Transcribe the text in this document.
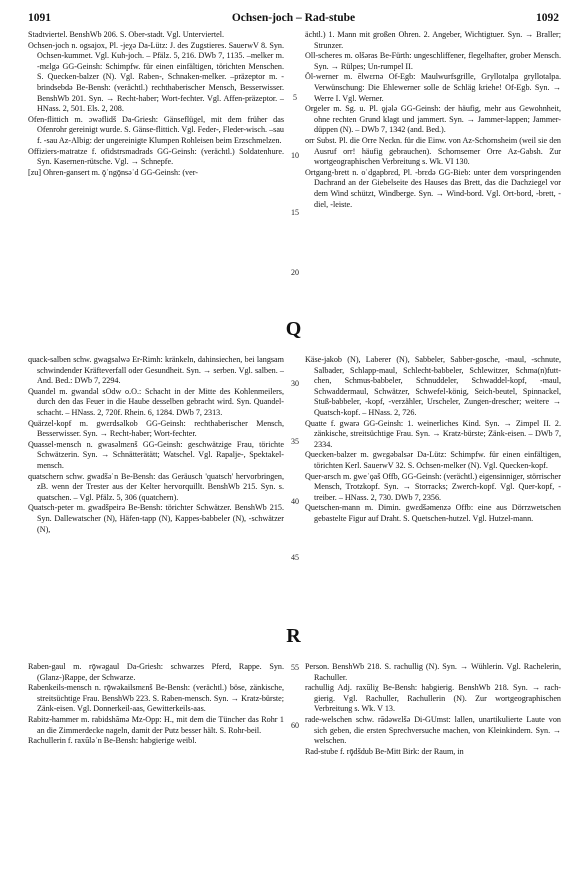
1091	Ochsen-joch – Rad-stube	1092

Stadtviertel. BenshWb 206. S. Ober-stadt. Vgl. Unterviertel.

Ochsen-joch n. ogsajox, Pl. -jeχǝ Da-Lütz: J. des Zugstieres. SauerwV 8. Syn. Ochsen-kummet. Vgl. Kuh-joch. – Pfälz. 5, 216. DWb 7, 1135. –melker m. -mɛlgǝ GG-Geinsh: Schimpfw. für einen einfältigen, törichten Menschen. S. Quecken-balzer (N). Vgl. Raben-, Schnaken-melker. –präzeptor m. -brindsebdǝ Be-Bensh: (verächtl.) rechthaberischer Mensch, Besserwisser. BenshWb 201. Syn. → Recht-haber; Wort-fechter. Vgl. Affen-präzeptor. – HNass. 2, 501. Els. 2, 208.

Ofen-flittich m. ɔwǝflidš Da-Griesh: Gänseflügel, mit dem früher das Ofenrohr gereinigt wurde. S. Gänse-flittich. Vgl. Feder-, Fleder-wisch. –sau f. -sau Az-Albig: der ungereinigte Klumpen Rohleisen beim Erzschmelzen.

Offiziers-matratze f. ofidstrsmadrads GG-Geinsh: (verächtl.) Soldatenhure. Syn. Kasernen-rütsche. Vgl. → Schnepfe.

[zu] Ohren-gansert m. ǭˈngǭnsǝˈd GG-Geinsh: (ver-

ächtl.) 1. Mann mit großen Ohren. 2. Angeber, Wichtigtuer. Syn. → Braller; Strunzer.

Oll-scheres m. olšǝras Be-Fürth: ungeschliffener, flegelhafter, grober Mensch. Syn. → Rülpes; Un-rumpel II.

Öl-werner m. ēlwɛrnǝ Of-Egb: Maulwurfsgrille, Gryllotalpa gryllotalpa. Verwünschung: Die Ehlewerner solle de Schläg kriehe! Of-Egb. Syn. → Werre I. Vgl. Werner.

Orgeler m. Sg. u. Pl. ǫjǝlǝ GG-Geinsh: der häufig, mehr aus Gewohnheit, ohne rechten Grund klagt und jammert. Syn. → Jammer-lappen; Jammer-düppen (N). – DWb 7, 1342 (and. Bed.).

orr Subst. Pl. die Orre Neckn. für die Einw. von Az-Schornsheim (weil sie den Ausruf orr! häufig gebrauchen). Schornsemer Orre Az-Gabsh. Zur wortgeographischen Verbreitung s. Wk. VI 130.

Ortgang-brett n. oˈdgapbrɛd, Pl. -brɛdǝ GG-Bieb: unter dem vorspringenden Dachrand an der Giebelseite des Hauses das Brett, das die Dachziegel vor dem Wind schützt, Windberge. Syn. → Wind-bord. Vgl. Ort-bord, -brett, -diel, -leiste.

Q

quack-salben schw. gwagsalwǝ Er-Rimh: kränkeln, dahinsiechen, bei langsam schwindender Kräfteverfall oder Gesundheit. Syn. → serben. Vgl. salben. – And. Bed.: DWb 7, 2294.

Quandel m. gwandǝl sOdw o.O.: Schacht in der Mitte des Kohlenmeilers, durch den das Feuer in die Haube desselben gebracht wird. Syn. Quandel-schacht. – HNass. 2, 720f. Rhein. 6, 1284. DWb 7, 2313.

Quärzel-kopf m. gwɛrdsǝlkob GG-Geinsh: rechthaberischer Mensch, Besserwisser. Syn. → Recht-haber; Wort-fechter.

Quassel-mensch n. gwasǝlmɛnš GG-Geinsh: geschwätzige Frau, törichte Schwätzerin. Syn. → Schnätterätätt; Watschel. Vgl. Rapalje-, Spektakel-mensch.

quatschern schw. gwadšǝˈn Be-Bensh: das Geräusch 'quatsch' hervorbringen, zB. wenn der Trester aus der Kelter hervorquillt. BenshWb 215. Syn. s. quatschen. – Vgl. Pfälz. 5, 306 (quatchern).

Quatsch-peter m. gwadšpeirǝ Be-Bensh: törichter Schwätzer. BenshWb 215. Syn. Dallewatscher (N), Häfen-tapp (N), Kappes-babbeler (N), -schwätzer (N),

Käse-jakob (N), Laberer (N), Sabbeler, Sabber-gosche, -maul, -schnute, Salbader, Schlapp-maul, Schlecht-babbeler, Schlewitzer, Schma(n)futt-chen, Schmus-babbeler, Schnuddeler, Schwaddel-kopf, -maul, Schwaddermaul, Schwätzer, Schwefel-könig, Seich-beutel, Spinnackel, Stuß-babbeler, -kopf, -verzähler, Urscheler, Zungen-drescher; weitere → Quatsch-kopf. – HNass. 2, 726.

Quatte f. gwarǝ GG-Geinsh: 1. weinerliches Kind. Syn. → Zimpel II. 2. zänkische, streitsüchtige Frau. Syn. → Kratz-bürste; Zänk-eisen. – DWb 7, 2334.

Quecken-balzer m. gwɛgǝbalsǝr Da-Lütz: Schimpfw. für einen einfältigen, törichten Kerl. SauerwV 32. S. Ochsen-melker (N). Vgl. Quecken-kopf.

Quer-arsch m. gweˈǫaš Offb, GG-Geinsh: (verächtl.) eigensinniger, störrischer Mensch, Trotzkopf. Syn. → Storracks; Zwerch-kopf. Vgl. Quer-kopf, -treiber. – HNass. 2, 730. DWb 7, 2356.

Quetschen-mann m. Dimin. gwɛdšǝmenzǝ Offb: eine aus Dörrzwetschen gebastelte Figur auf Draht. S. Quetschen-hutzel. Vgl. Hutzel-mann.

R

Raben-gaul m. rǭwǝgaul Da-Griesh: schwarzes Pferd, Rappe. Syn. (Glanz-)Rappe, der Schwarze.

Rabenkeils-mensch n. rǭwǝkailsmɛnš Be-Bensh: (verächtl.) böse, zänkische, streitsüchtige Frau. BenshWb 223. S. Raben-mensch. Syn. → Kratz-bürste; Zänk-eisen. Vgl. Donnerkeil-aas, Gewitterkeils-aas.

Rabitz-hammer m. rabidshāmǝ Mz-Opp: H., mit dem die Tüncher das Rohr 1 an die Zimmerdecke nageln, damit der Putz besser hält. S. Rohr-beil.

Rachullerin f. raxūlǝˈn Be-Bensh: habgierige weibl.

Person. BenshWb 218. S. rachullig (N). Syn. → Wühlerin. Vgl. Rachelerin, Rachuller.

rachullig Adj. raxūliχ Be-Bensh: habgierig. BenshWb 218. Syn. → rach-gierig. Vgl. Rachuller, Rachullerin (N). Zur wortgeographischen Verbreitung s. Wk. V 13.

rade-welschen schw. rādǝwɛlšǝ Di-GUmst: lallen, unartikulierte Laute von sich geben, die ersten Sprechversuche machen, von Kleinkindern. Syn. → welschen.

Rad-stube f. rǭdšdub Be-Mitt Birk: der Raum, in

5
10
15
20
30
35
40
45
55
60
